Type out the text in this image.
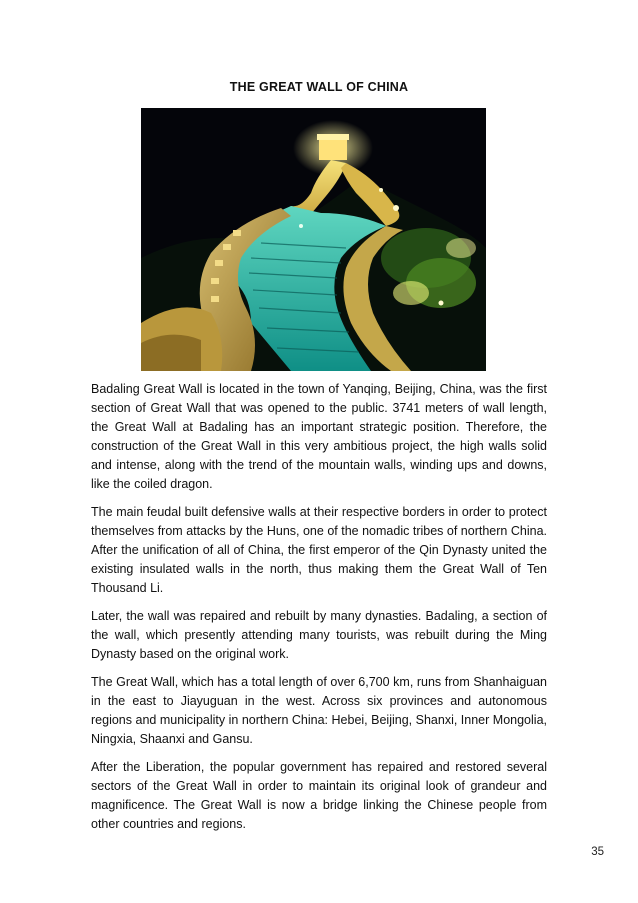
THE GREAT WALL OF CHINA

Badaling Great Wall is located in the town of Yanqing, Beijing, China, was the first section of Great Wall that was opened to the public. 3741 meters of wall length, the Great Wall at Badaling has an important strategic position. Therefore, the construction of the Great Wall in this very ambitious project, the high walls solid and intense, along with the trend of the mountain walls, winding ups and downs, like the coiled dragon.

The main feudal built defensive walls at their respective borders in order to protect themselves from attacks by the Huns, one of the nomadic tribes of northern China. After the unification of all of China, the first emperor of the Qin Dynasty united the existing insulated walls in the north, thus making them the Great Wall of Ten Thousand Li.

Later, the wall was repaired and rebuilt by many dynasties. Badaling, a section of the wall, which presently attending many tourists, was rebuilt during the Ming Dynasty based on the original work.

The Great Wall, which has a total length of over 6,700 km, runs from Shanhaiguan in the east to Jiayuguan in the west. Across six provinces and autonomous regions and municipality in northern China: Hebei, Beijing, Shanxi, Inner Mongolia, Ningxia, Shaanxi and Gansu.

After the Liberation, the popular government has repaired and restored several sectors of the Great Wall in order to maintain its original look of grandeur and magnificence. The Great Wall is now a bridge linking the Chinese people from other countries and regions.

35
